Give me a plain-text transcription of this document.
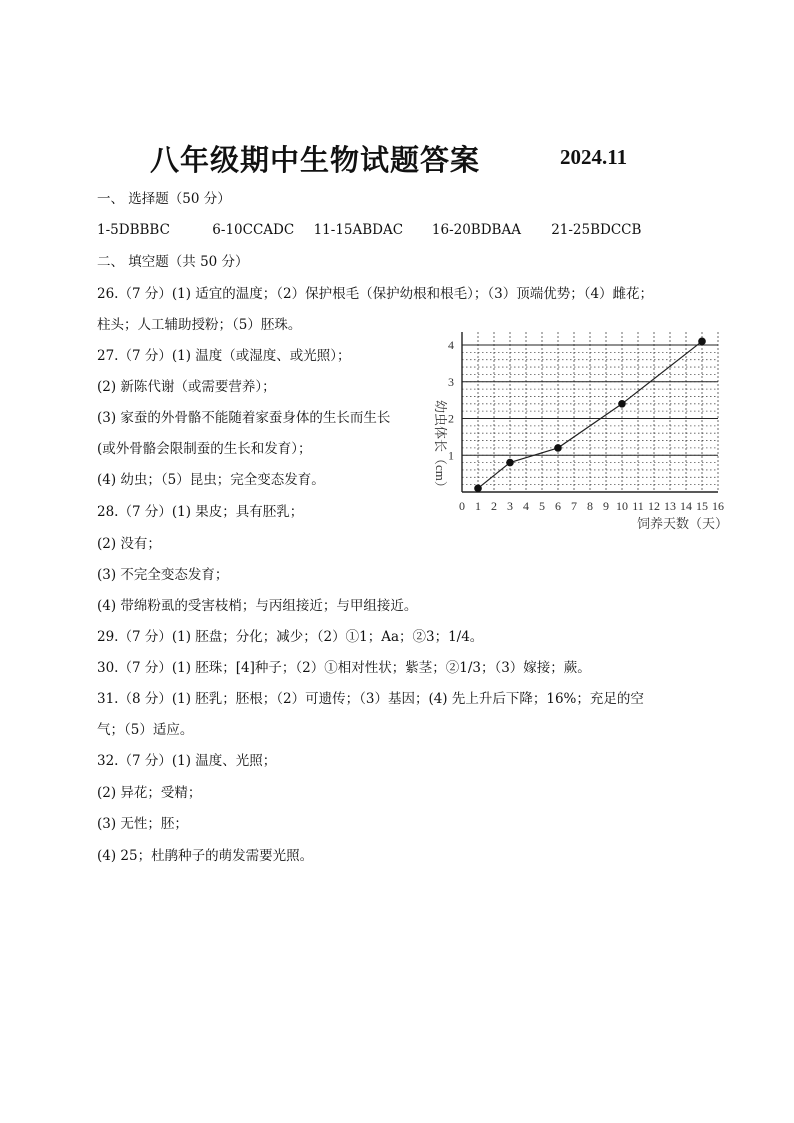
八年级期中生物试题答案	2024.11
一、 选择题（50 分）
1-5DBBBC	6-10CCADC 11-15ABDAC 16-20BDBAA 21-25BDCCB
二、 填空题（共 50 分）
26.（7 分）(1) 适宜的温度；（2）保护根毛（保护幼根和根毛）；（3）顶端优势；（4）雌花；
柱头；人工辅助授粉；（5）胚珠。
27.（7 分）(1) 温度（或湿度、或光照）；
(2) 新陈代谢（或需要营养）；
(3) 家蚕的外骨骼不能随着家蚕身体的生长而生长
(或外骨骼会限制蚕的生长和发育）；
(4) 幼虫；（5）昆虫；完全变态发育。
28.（7 分）(1) 果皮；具有胚乳；
(2) 没有；
(3) 不完全变态发育；
(4) 带绵粉虱的受害枝梢；与丙组接近；与甲组接近。
29.（7 分）(1) 胚盘；分化；减少；（2）①1；Aa；②3；1/4。
30.（7 分）(1) 胚珠；[4]种子；（2）①相对性状；紫茎；②1/3；（3）嫁接；蕨。
31.（8 分）(1) 胚乳；胚根；（2）可遗传；（3）基因；(4) 先上升后下降；16%；充足的空
气；（5）适应。
32.（7 分）(1) 温度、光照；
(2) 异花；受精；
(3) 无性；胚；
(4) 25；杜鹃种子的萌发需要光照。
0 1 2 3 4 5 6 7 8 9 10 11 12 13 14 15 16
1
2
3
4
幼虫体长（cm）
饲养天数（天）
